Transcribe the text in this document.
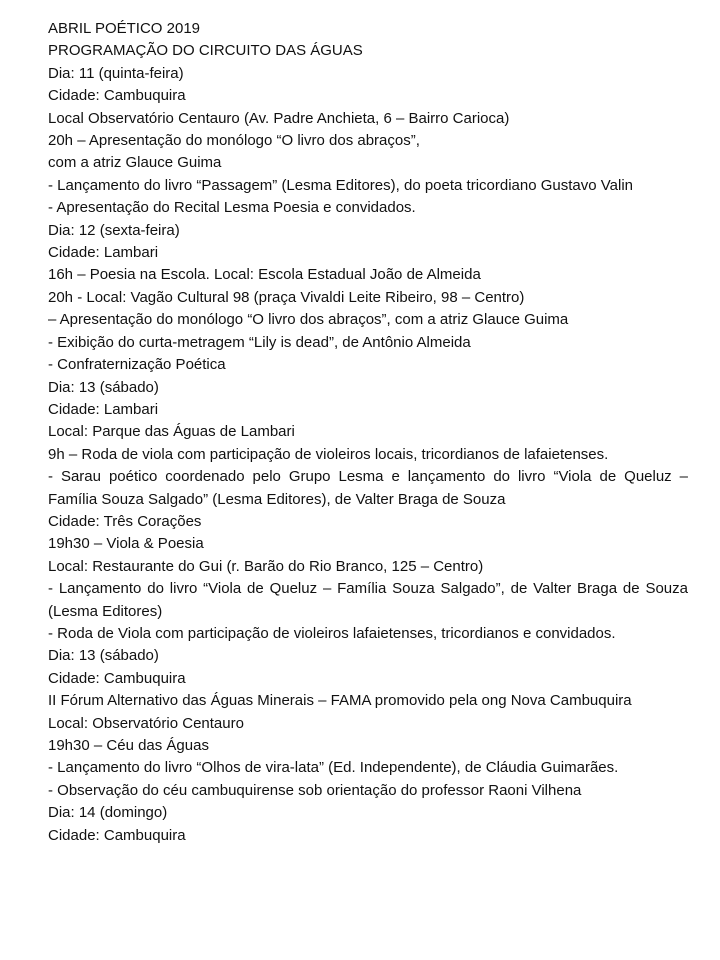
ABRIL POÉTICO 2019
PROGRAMAÇÃO DO CIRCUITO DAS ÁGUAS
Dia: 11 (quinta-feira)
Cidade: Cambuquira
Local Observatório Centauro (Av. Padre Anchieta, 6 – Bairro Carioca)
20h – Apresentação do monólogo “O livro dos abraços”,
com a atriz Glauce Guima
- Lançamento do livro “Passagem” (Lesma Editores), do poeta tricordiano Gustavo Valin
- Apresentação do Recital Lesma Poesia e convidados.
Dia: 12 (sexta-feira)
Cidade: Lambari
16h – Poesia na Escola. Local: Escola Estadual João de Almeida
20h - Local: Vagão Cultural 98 (praça Vivaldi Leite Ribeiro, 98 – Centro)
– Apresentação do monólogo “O livro dos abraços”, com a atriz Glauce Guima
- Exibição do curta-metragem “Lily is dead”, de Antônio Almeida
- Confraternização Poética
Dia: 13 (sábado)
Cidade: Lambari
Local: Parque das Águas de Lambari
9h – Roda de viola com participação de violeiros locais, tricordianos de lafaietenses.
- Sarau poético coordenado pelo Grupo Lesma e lançamento do livro “Viola de Queluz – Família Souza Salgado” (Lesma Editores), de Valter Braga de Souza
Cidade: Três Corações
19h30 – Viola & Poesia
Local: Restaurante do Gui (r. Barão do Rio Branco, 125 – Centro)
- Lançamento do livro “Viola de Queluz – Família Souza Salgado”, de Valter Braga de Souza (Lesma Editores)
- Roda de Viola com participação de violeiros lafaietenses, tricordianos e convidados.
Dia: 13 (sábado)
Cidade: Cambuquira
II Fórum Alternativo das Águas Minerais – FAMA promovido pela ong Nova Cambuquira
Local: Observatório Centauro
19h30 – Céu das Águas
- Lançamento do livro “Olhos de vira-lata” (Ed. Independente), de Cláudia Guimarães.
- Observação do céu cambuquirense sob orientação do professor Raoni Vilhena
Dia: 14 (domingo)
Cidade: Cambuquira
